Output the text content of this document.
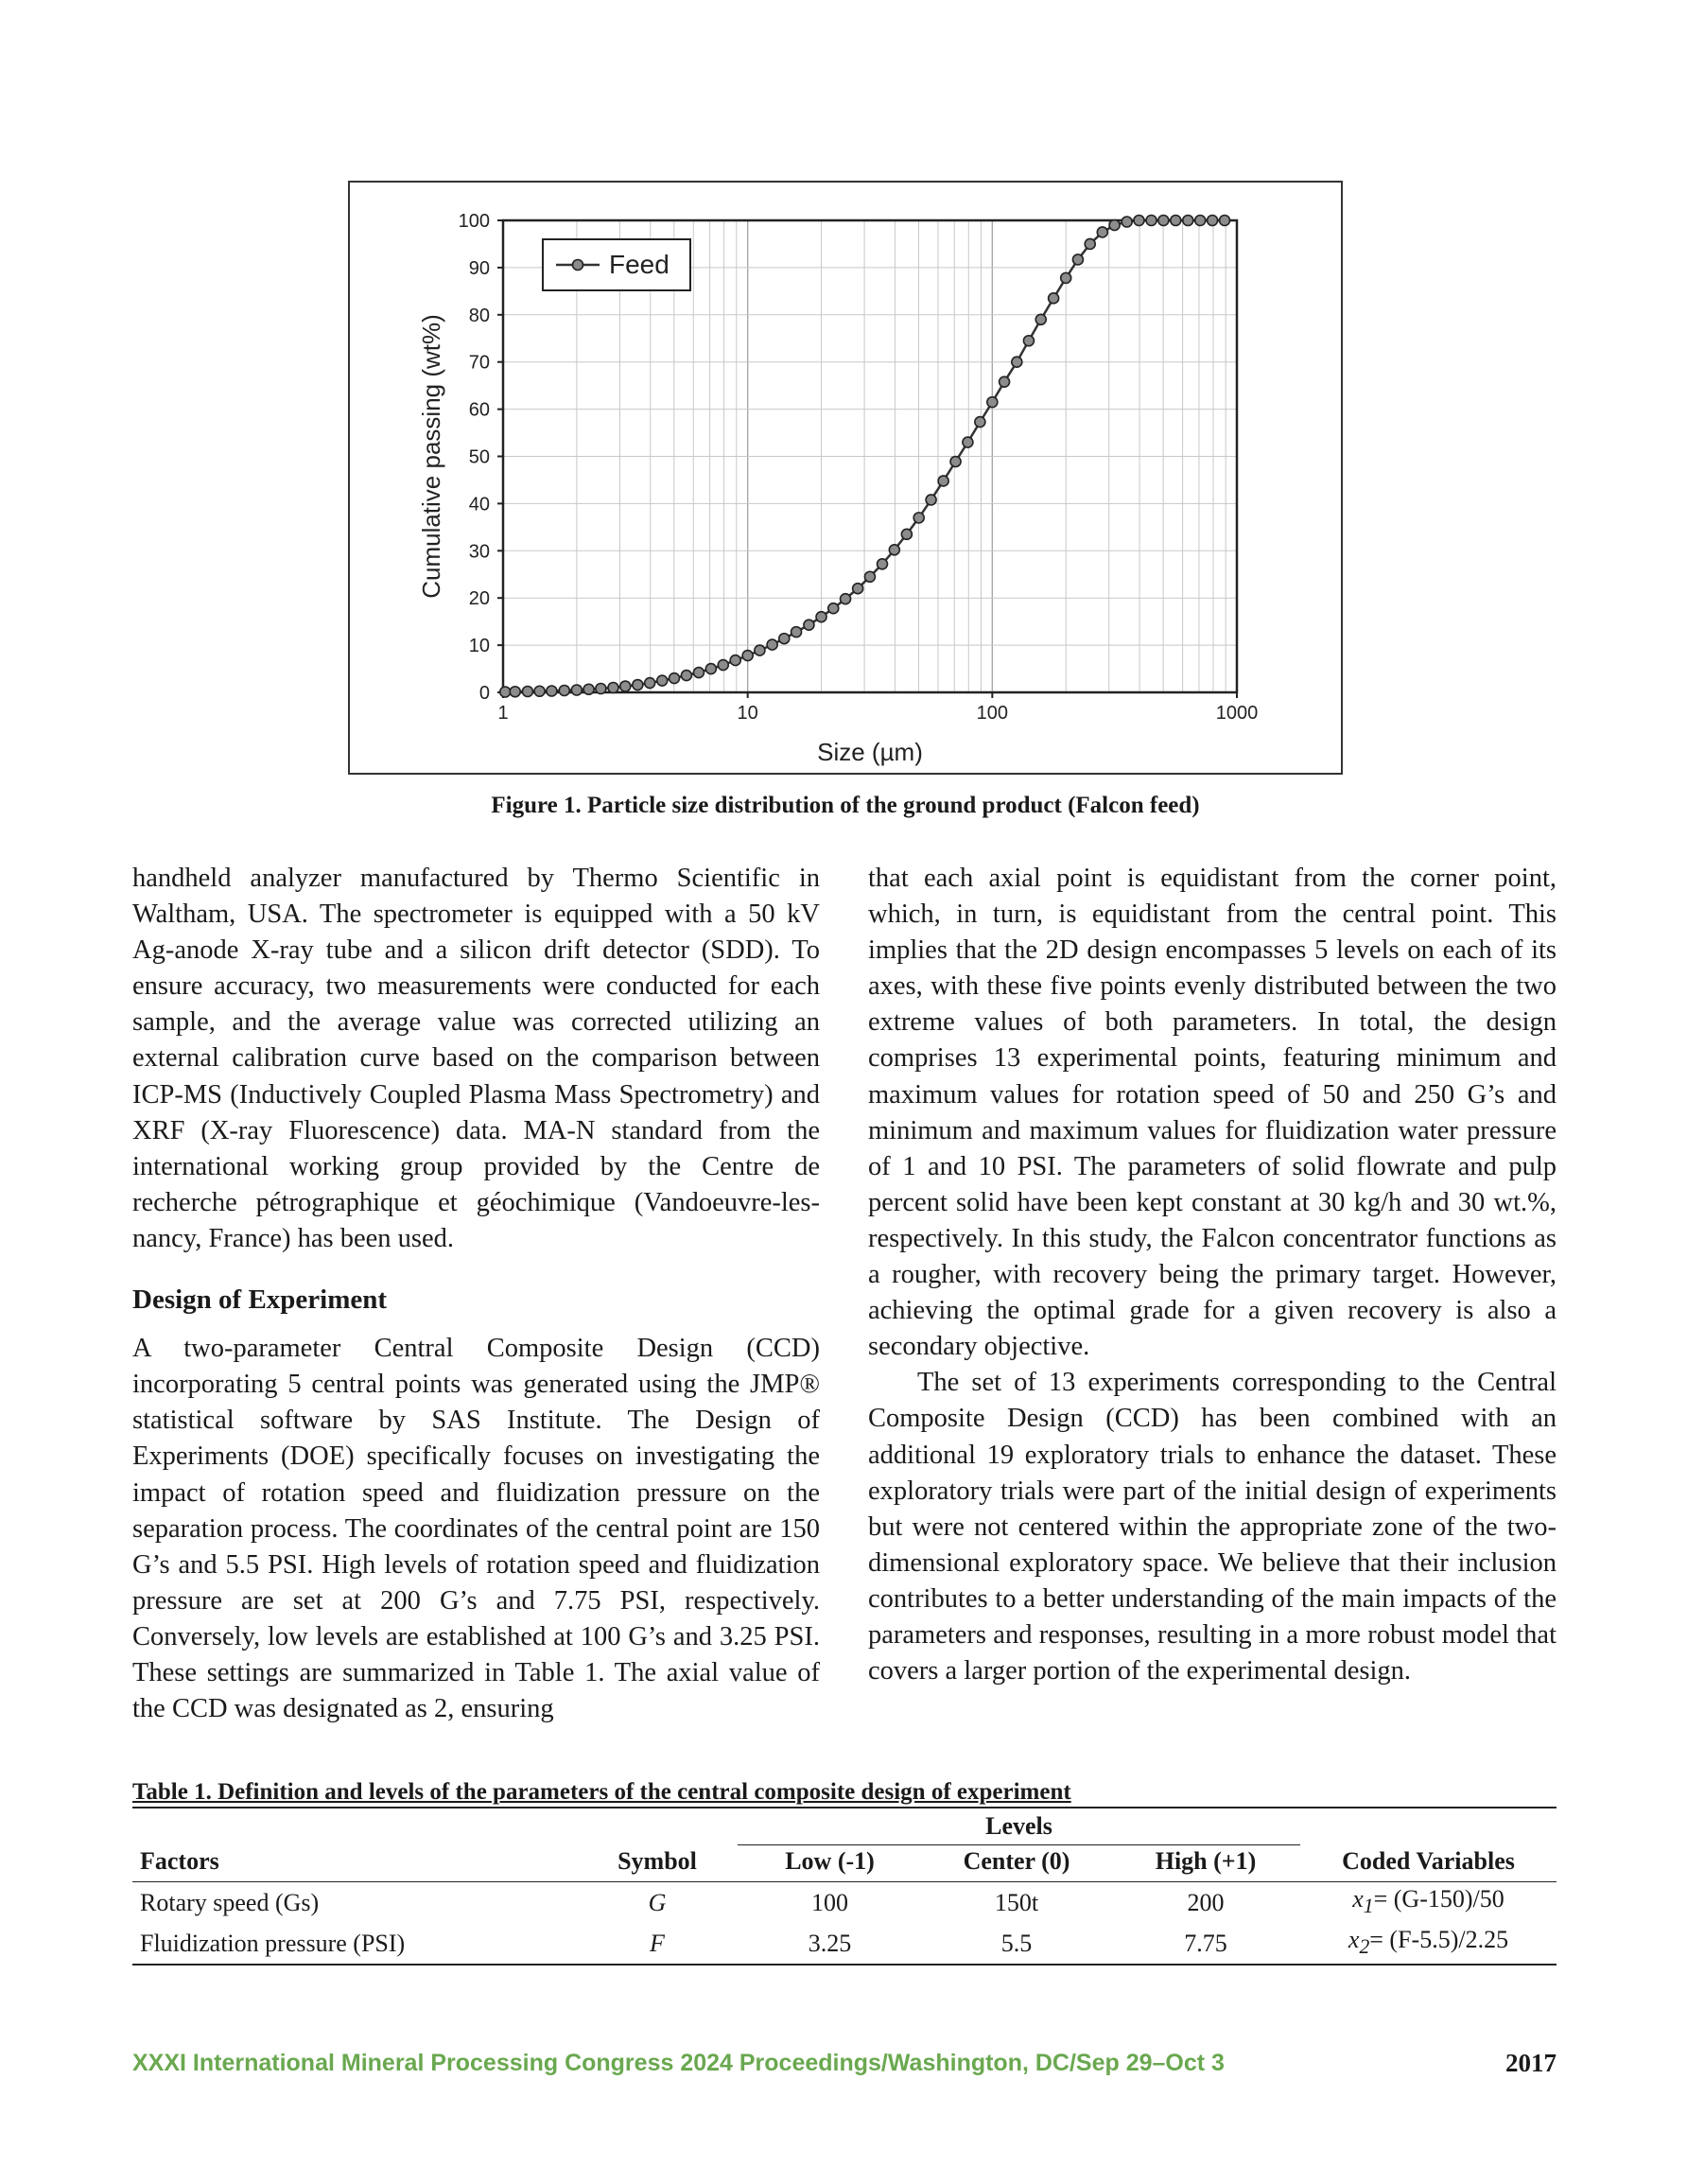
0
10
20
30
40
50
60
70
80
90
100
1	10	100	1000
Size (µm)
Cumulative passing (wt%)
Feed
Figure 1. Particle size distribution of the ground product (Falcon feed)

handheld analyzer manufactured by Thermo Scientific in Waltham, USA. The spectrometer is equipped with a 50 kV Ag-anode X-ray tube and a silicon drift detector (SDD). To ensure accuracy, two measurements were conducted for each sample, and the average value was corrected utilizing an external calibration curve based on the comparison between ICP-MS (Inductively Coupled Plasma Mass Spectrometry) and XRF (X-ray Fluorescence) data. MA-N standard from the international working group provided by the Centre de recherche pétrographique et géochimique (Vandoeuvre-les-nancy, France) has been used.

Design of Experiment

A two-parameter Central Composite Design (CCD) incorporating 5 central points was generated using the JMP® statistical software by SAS Institute. The Design of Experiments (DOE) specifically focuses on investigating the impact of rotation speed and fluidization pressure on the separation process. The coordinates of the central point are 150 G’s and 5.5 PSI. High levels of rotation speed and fluidization pressure are set at 200 G’s and 7.75 PSI, respectively. Conversely, low levels are established at 100 G’s and 3.25 PSI. These settings are summarized in Table 1. The axial value of the CCD was designated as 2, ensuring

that each axial point is equidistant from the corner point, which, in turn, is equidistant from the central point. This implies that the 2D design encompasses 5 levels on each of its axes, with these five points evenly distributed between the two extreme values of both parameters. In total, the design comprises 13 experimental points, featuring minimum and maximum values for rotation speed of 50 and 250 G’s and minimum and maximum values for fluidization water pressure of 1 and 10 PSI. The parameters of solid flowrate and pulp percent solid have been kept constant at 30 kg/h and 30 wt.%, respectively. In this study, the Falcon concentrator functions as a rougher, with recovery being the primary target. However, achieving the optimal grade for a given recovery is also a secondary objective.

The set of 13 experiments corresponding to the Central Composite Design (CCD) has been combined with an additional 19 exploratory trials to enhance the dataset. These exploratory trials were part of the initial design of experiments but were not centered within the appropriate zone of the two-dimensional exploratory space. We believe that their inclusion contributes to a better understanding of the main impacts of the parameters and responses, resulting in a more robust model that covers a larger portion of the experimental design.

Table 1. Definition and levels of the parameters of the central composite design of experiment

		Levels			
Factors	Symbol	Low (-1)	Center (0)	High (+1)	Coded Variables
Rotary speed (Gs)	G	100	150t	200	$x_1= (G-150)/50$
Fluidization pressure (PSI)	F	3.25	5.5	7.75	$x_2= (F-5.5)/2.25$
XXXI International Mineral Processing Congress 2024 Proceedings/Washington, DC/Sep 29–Oct 3	2017
